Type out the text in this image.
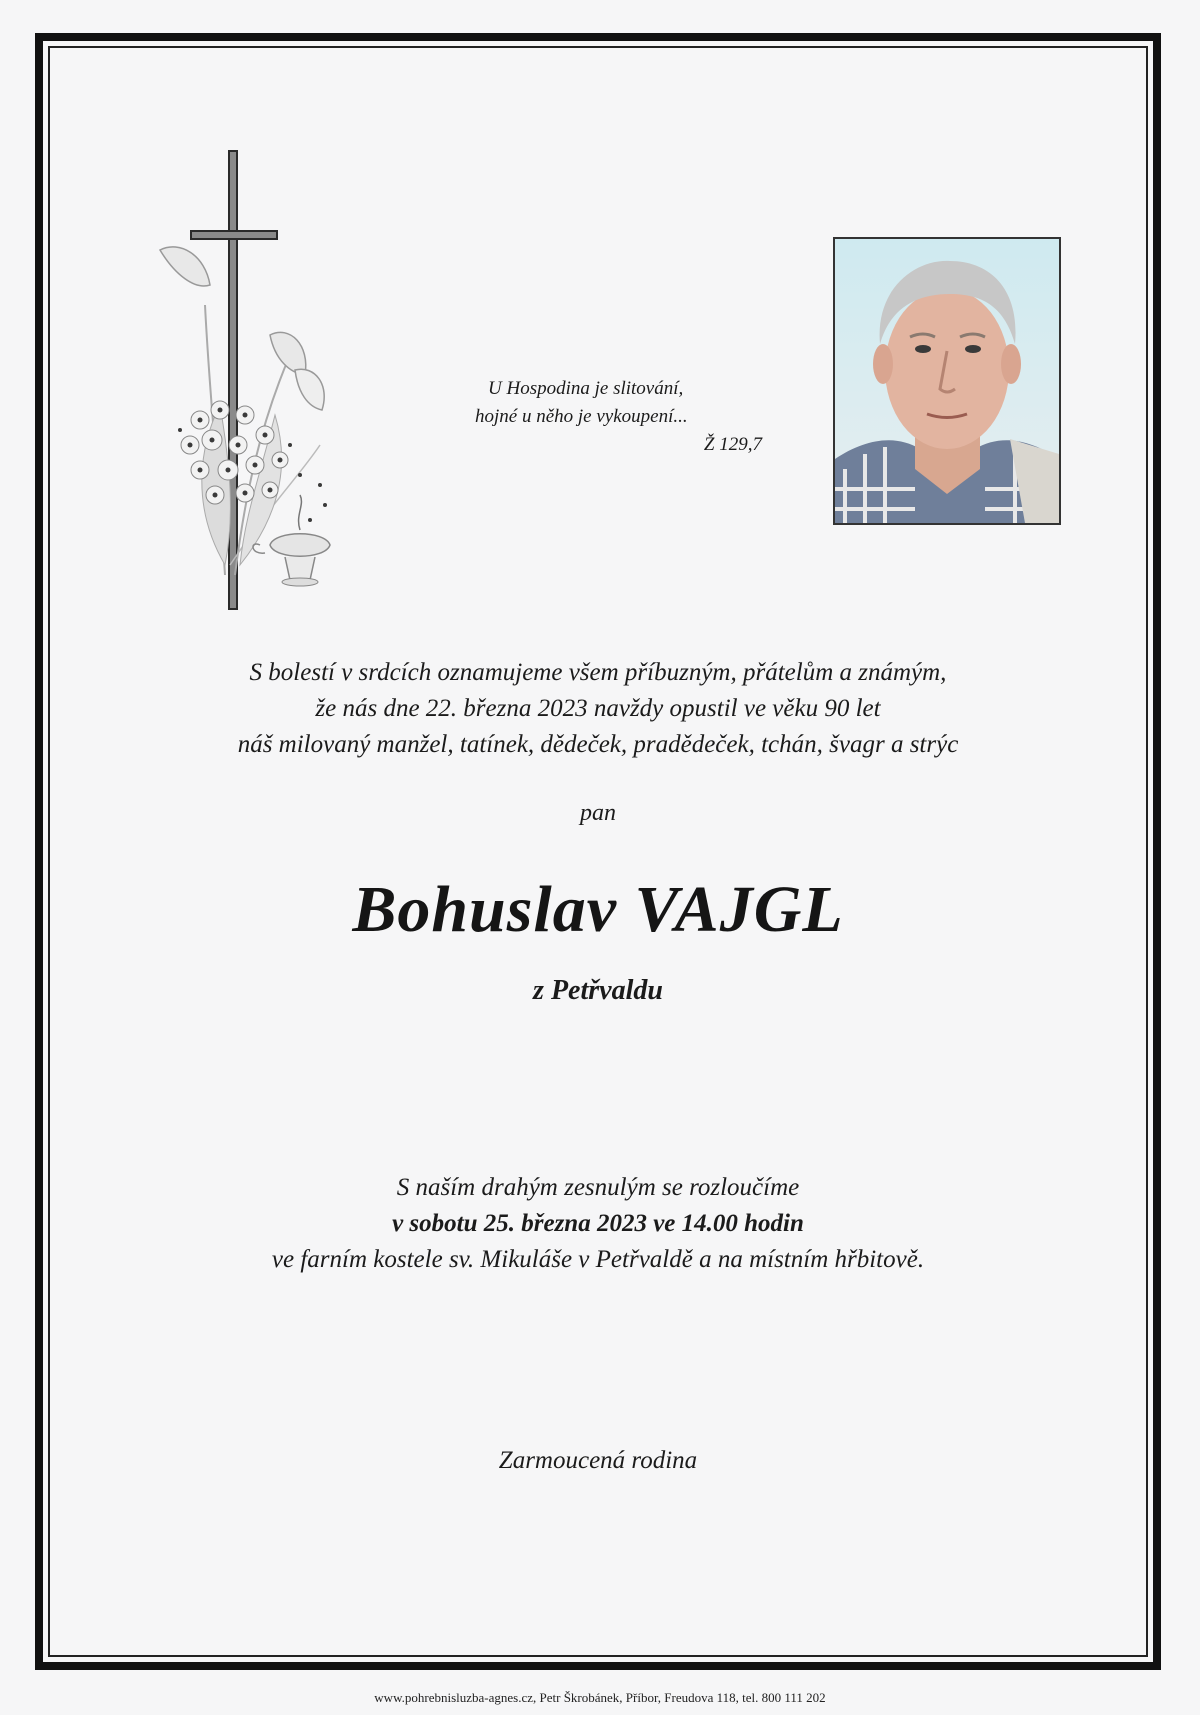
U Hospodina je slitování,
hojné u něho je vykoupení...
Ž 129,7
S bolestí v srdcích oznamujeme všem příbuzným, přátelům a známým,
že nás dne 22. března 2023 navždy opustil ve věku 90 let
náš milovaný manžel, tatínek, dědeček, pradědeček, tchán, švagr a strýc
pan
Bohuslav VAJGL
z Petřvaldu
S naším drahým zesnulým se rozloučíme
v sobotu 25. března 2023 ve 14.00 hodin
ve farním kostele sv. Mikuláše v Petřvaldě a na místním hřbitově.
Zarmoucená rodina
www.pohrebnisluzba-agnes.cz, Petr Škrobánek, Příbor, Freudova 118, tel. 800 111 202
